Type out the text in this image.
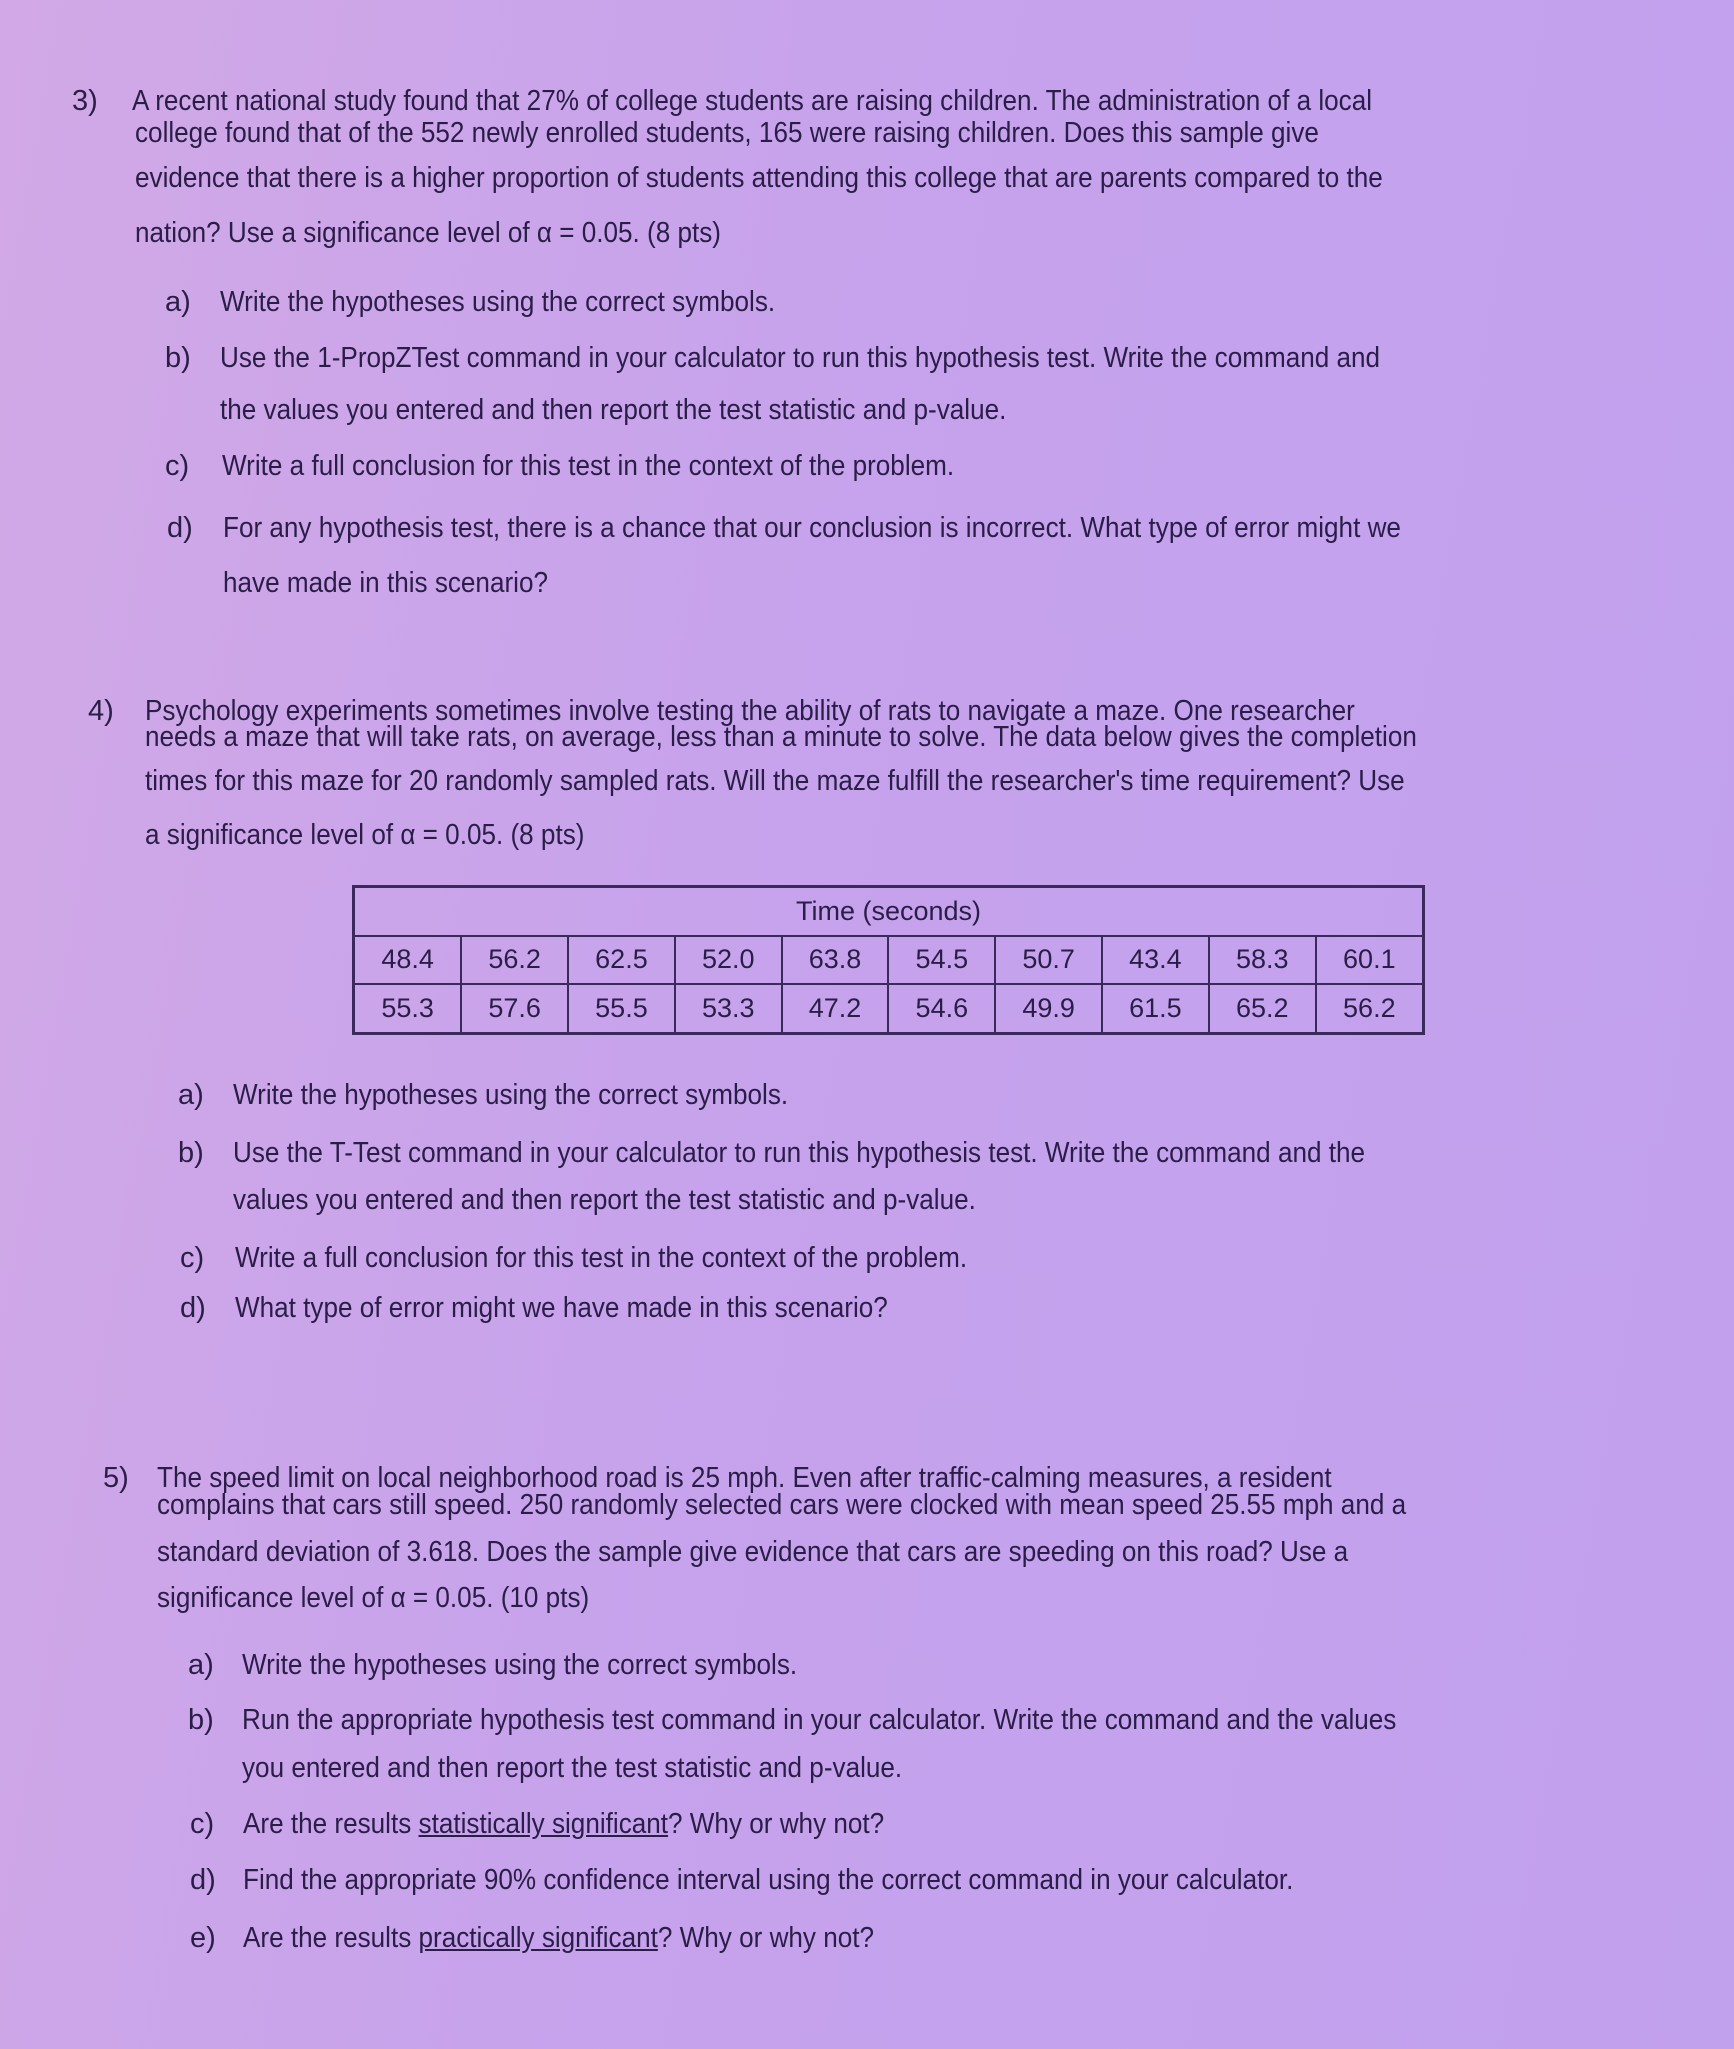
3) A recent national study found that 27% of college students are raising children. The administration of a local
college found that of the 552 newly enrolled students, 165 were raising children. Does this sample give
evidence that there is a higher proportion of students attending this college that are parents compared to the
nation? Use a significance level of α = 0.05. (8 pts)
a) Write the hypotheses using the correct symbols.
b) Use the 1-PropZTest command in your calculator to run this hypothesis test. Write the command and
the values you entered and then report the test statistic and p-value.
c) Write a full conclusion for this test in the context of the problem.
d) For any hypothesis test, there is a chance that our conclusion is incorrect. What type of error might we
have made in this scenario?
4) Psychology experiments sometimes involve testing the ability of rats to navigate a maze. One researcher
needs a maze that will take rats, on average, less than a minute to solve. The data below gives the completion
times for this maze for 20 randomly sampled rats. Will the maze fulfill the researcher's time requirement? Use
a significance level of α = 0.05. (8 pts)
Time (seconds)									
48.4	56.2	62.5	52.0	63.8	54.5	50.7	43.4	58.3	60.1
55.3	57.6	55.5	53.3	47.2	54.6	49.9	61.5	65.2	56.2
a) Write the hypotheses using the correct symbols.
b) Use the T-Test command in your calculator to run this hypothesis test. Write the command and the
values you entered and then report the test statistic and p-value.
c) Write a full conclusion for this test in the context of the problem.
d) What type of error might we have made in this scenario?
5) The speed limit on local neighborhood road is 25 mph. Even after traffic-calming measures, a resident
complains that cars still speed. 250 randomly selected cars were clocked with mean speed 25.55 mph and a
standard deviation of 3.618. Does the sample give evidence that cars are speeding on this road? Use a
significance level of α = 0.05. (10 pts)
a) Write the hypotheses using the correct symbols.
b) Run the appropriate hypothesis test command in your calculator. Write the command and the values
you entered and then report the test statistic and p-value.
c) Are the results statistically significant? Why or why not?
d) Find the appropriate 90% confidence interval using the correct command in your calculator.
e) Are the results practically significant? Why or why not?
